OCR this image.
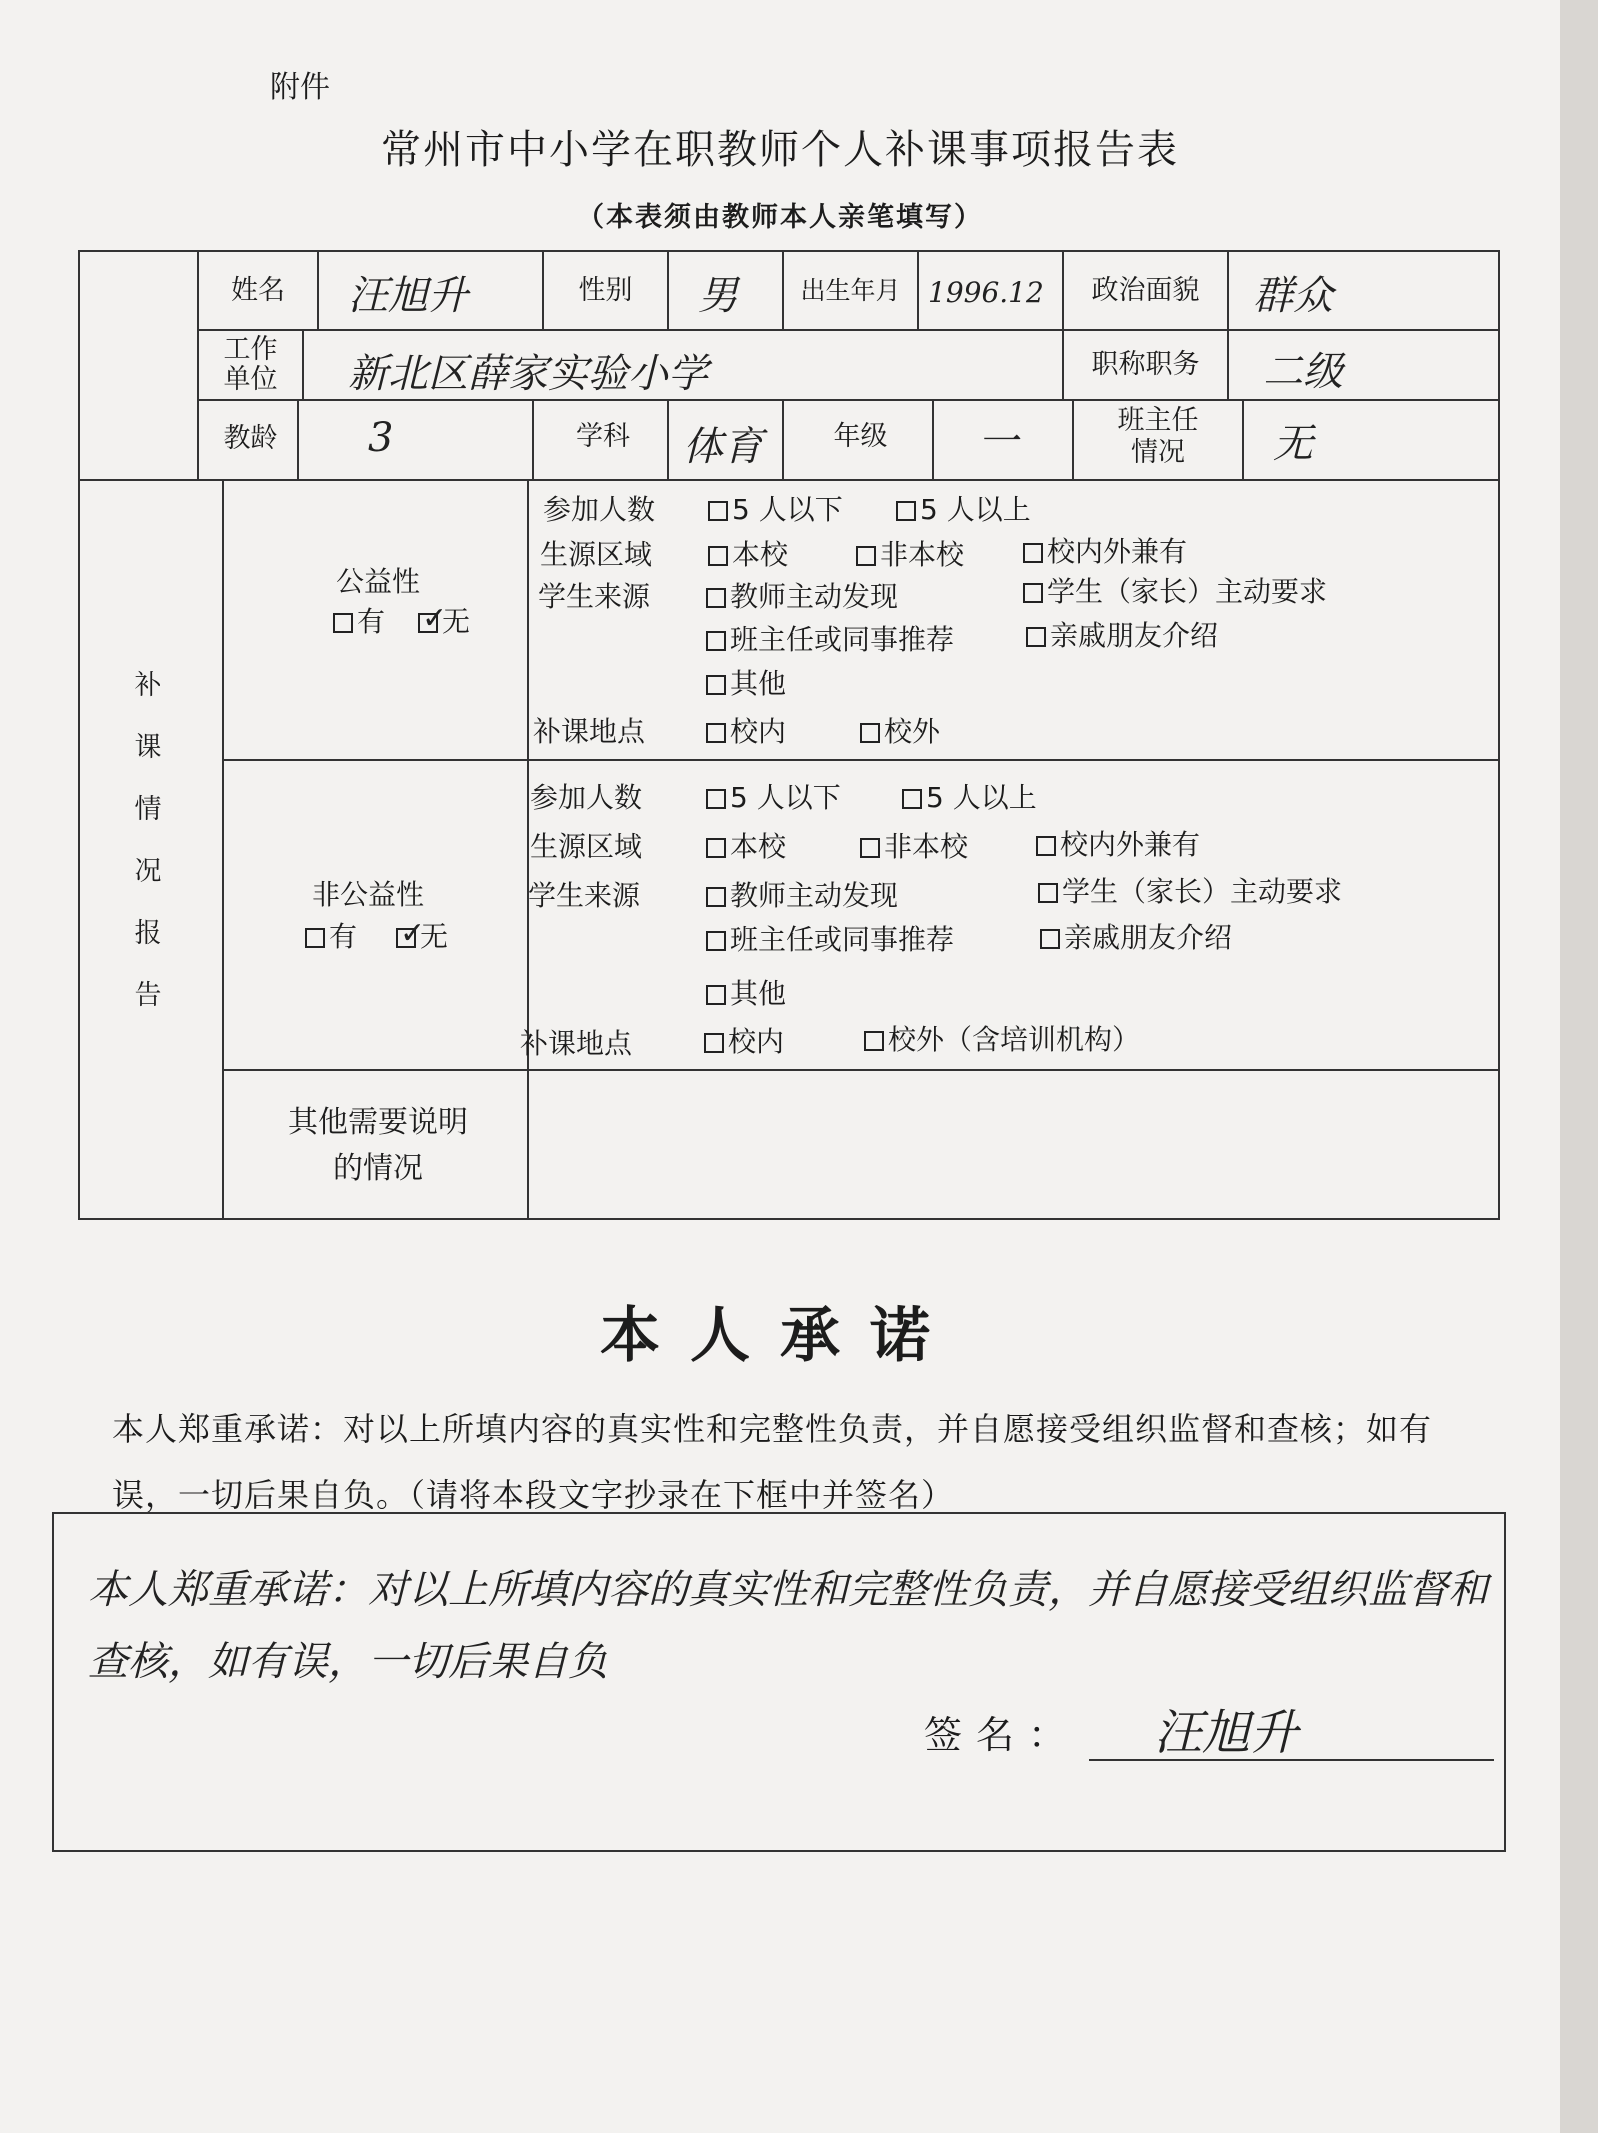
附件
常州市中小学在职教师个人补课事项报告表
（本表须由教师本人亲笔填写）
姓名	汪旭升	性别	男	出生年月 1996.12	政治面貌	群众
工作
单位	新北区薛家实验小学	职称职务	二级
教龄	3	学科	体育	年级	一	班主任
情况	无
补
课
情
况
报
告
公益性
有 ✓	无
参加人数	5 人以下	5 人以上
生源区域	本校	非本校	校内外兼有
学生来源	教师主动发现	学生（家长）主动要求
班主任或同事推荐	亲戚朋友介绍
其他
补课地点	校内	校外
非公益性
有 ✓	无
参加人数	5 人以下	5 人以上
生源区域	本校	非本校	校内外兼有
学生来源	教师主动发现	学生（家长）主动要求
班主任或同事推荐	亲戚朋友介绍
其他
补课地点	校内	校外（含培训机构）
其他需要说明
的情况
本人承诺
本人郑重承诺：对以上所填内容的真实性和完整性负责，并自愿接受组织监督和查核；如有误，一切后果自负。（请将本段文字抄录在下框中并签名）
本人郑重承诺：对以上所填内容的真实性和完整性负责，并自愿接受组织监督和查核，如有误，一切后果自负
签名： 汪旭升
